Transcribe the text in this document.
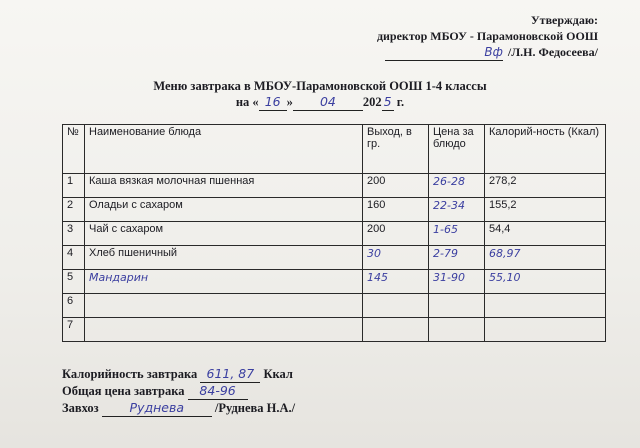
Утверждаю:
директор МБОУ - Парамоновской ООШ
Вф /Л.Н. Федосеева/
Меню завтрака в МБОУ-Парамоновской ООШ 1-4 классы
на « 16 » 04 202 5 г.
№	Наименование блюда	Выход, в гр.	Цена за блюдо	Калорий-ность (Ккал)
1	Каша вязкая молочная пшенная	200	26-28	278,2
2	Оладьи с сахаром	160	22-34	155,2
3	Чай с сахаром	200	1-65	54,4
4	Хлеб пшеничный	30	2-79	68,97
5	Мандарин	145	31-90	55,10
6				
7				
Калорийность завтрака 611, 87 Ккал
Общая цена завтрака 84-96
Завхоз Руднева /Руднева Н.А./
